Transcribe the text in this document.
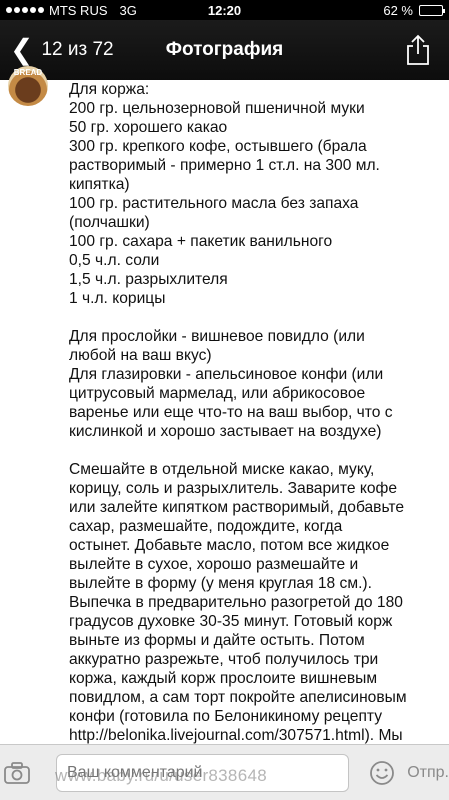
MTS RUS 3G	12:20	62 %
❮ 12 из 72	Фотография
BREAD

Для коржа:

200 гр. цельнозерновой пшеничной муки

50 гр. хорошего какао

300 гр. крепкого кофе, остывшего (брала

растворимый - примерно 1 ст.л. на 300 мл.

кипятка)

100 гр. растительного масла без запаха

(полчашки)

100 гр. сахара + пакетик ванильного

0,5 ч.л. соли

1,5 ч.л. разрыхлителя

1 ч.л. корицы

Для прослойки - вишневое повидло (или

любой на ваш вкус)

Для глазировки - апельсиновое конфи (или

цитрусовый мармелад, или абрикосовое

варенье или еще что-то на ваш выбор, что с

кислинкой и хорошо застывает на воздухе)

Смешайте в отдельной миске какао, муку,

корицу, соль и разрыхлитель. Заварите кофе

или залейте кипятком растворимый, добавьте

сахар, размешайте, подождите, когда

остынет. Добавьте масло, потом все жидкое

вылейте в сухое, хорошо размешайте и

вылейте в форму (у меня круглая 18 см.).

Выпечка в предварительно разогретой до 180

градусов духовке 30-35 минут. Готовый корж

выньте из формы и дайте остыть. Потом

аккуратно разрежьте, чтоб получилось три

коржа, каждый корж прослоите вишневым

повидлом, а сам торт покройте апелисиновым

конфи (готовила по Белоникиному рецепту

http://belonika.livejournal.com/307571.html). Мы

Ваш комментарий
Отпр.
www.baby.ru/u/user838648
